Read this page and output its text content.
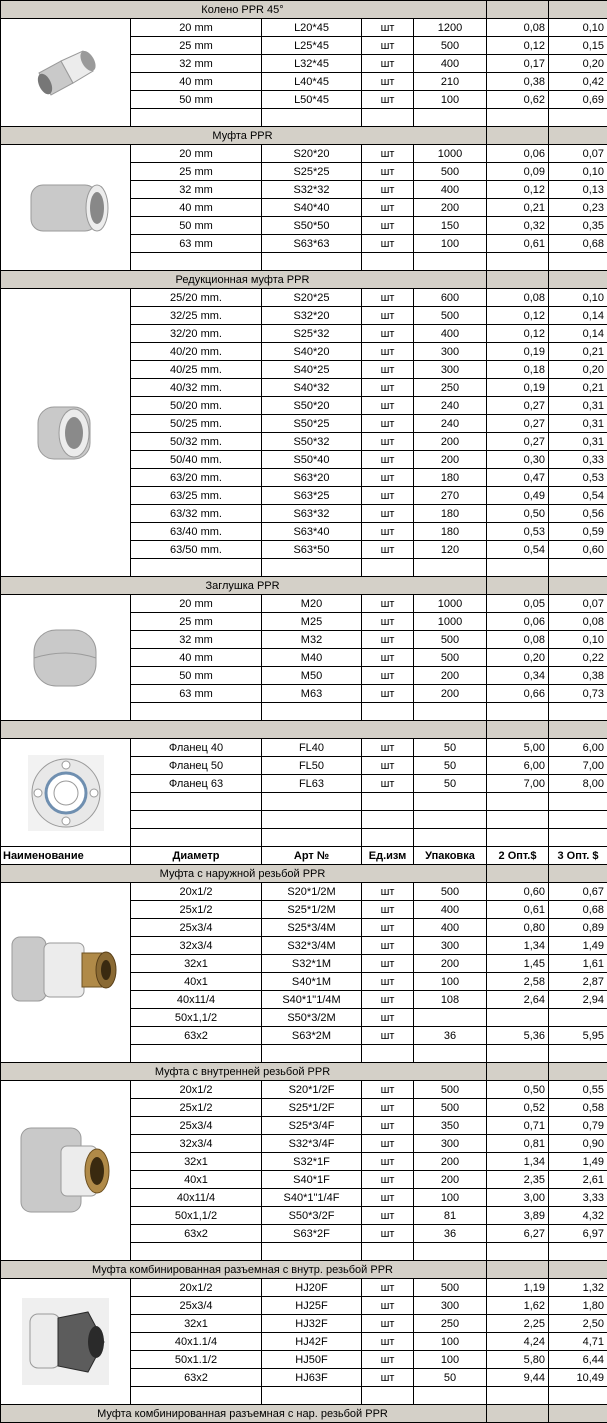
Колено PPR 45°						

	20 mm	L20*45	шт	1200	0,08	0,10
	25 mm	L25*45	шт	500	0,12	0,15
	32 mm	L32*45	шт	400	0,17	0,20
	40 mm	L40*45	шт	210	0,38	0,42
	50 mm	L50*45	шт	100	0,62	0,69

Муфта PPR						

	20 mm	S20*20	шт	1000	0,06	0,07
	25 mm	S25*25	шт	500	0,09	0,10
	32 mm	S32*32	шт	400	0,12	0,13
	40 mm	S40*40	шт	200	0,21	0,23
	50 mm	S50*50	шт	150	0,32	0,35
	63 mm	S63*63	шт	100	0,61	0,68

Редукционная муфта PPR						

	25/20 mm.	S20*25	шт	600	0,08	0,10
	32/25 mm.	S32*20	шт	500	0,12	0,14
	32/20 mm.	S25*32	шт	400	0,12	0,14
	40/20 mm.	S40*20	шт	300	0,19	0,21
	40/25 mm.	S40*25	шт	300	0,18	0,20
	40/32 mm.	S40*32	шт	250	0,19	0,21
	50/20 mm.	S50*20	шт	240	0,27	0,31
	50/25 mm.	S50*25	шт	240	0,27	0,31
	50/32 mm.	S50*32	шт	200	0,27	0,31
	50/40 mm.	S50*40	шт	200	0,30	0,33
	63/20 mm.	S63*20	шт	180	0,47	0,53
	63/25 mm.	S63*25	шт	270	0,49	0,54
	63/32 mm.	S63*32	шт	180	0,50	0,56
	63/40 mm.	S63*40	шт	180	0,53	0,59
	63/50 mm.	S63*50	шт	120	0,54	0,60

Заглушка PPR						

	20 mm	M20	шт	1000	0,05	0,07
	25 mm	M25	шт	1000	0,06	0,08
	32 mm	M32	шт	500	0,08	0,10
	40 mm	M40	шт	500	0,20	0,22
	50 mm	M50	шт	200	0,34	0,38
	63 mm	M63	шт	200	0,66	0,73

	Фланец 40	FL40	шт	50	5,00	6,00
	Фланец 50	FL50	шт	50	6,00	7,00
	Фланец 63	FL63	шт	50	7,00	8,00

Наименование	Диаметр	Арт №	Ед.изм	Упаковка	2 Опт.$	3 Опт. $
Муфта с наружной резьбой PPR						

	20x1/2	S20*1/2M	шт	500	0,60	0,67
	25x1/2	S25*1/2M	шт	400	0,61	0,68
	25x3/4	S25*3/4M	шт	400	0,80	0,89
	32x3/4	S32*3/4M	шт	300	1,34	1,49
	32x1	S32*1M	шт	200	1,45	1,61
	40x1	S40*1M	шт	100	2,58	2,87
	40x11/4	S40*1"1/4M	шт	108	2,64	2,94
	50x1,1/2	S50*3/2M	шт			
	63x2	S63*2M	шт	36	5,36	5,95

Муфта с внутренней резьбой PPR						

	20x1/2	S20*1/2F	шт	500	0,50	0,55
	25x1/2	S25*1/2F	шт	500	0,52	0,58
	25x3/4	S25*3/4F	шт	350	0,71	0,79
	32x3/4	S32*3/4F	шт	300	0,81	0,90
	32x1	S32*1F	шт	200	1,34	1,49
	40x1	S40*1F	шт	200	2,35	2,61
	40x11/4	S40*1"1/4F	шт	100	3,00	3,33
	50x1,1/2	S50*3/2F	шт	81	3,89	4,32
	63x2	S63*2F	шт	36	6,27	6,97

Муфта комбинированная разъемная с внутр. резьбой PPR						

	20x1/2	HJ20F	шт	500	1,19	1,32
	25x3/4	HJ25F	шт	300	1,62	1,80
	32x1	HJ32F	шт	250	2,25	2,50
	40x1.1/4	HJ42F	шт	100	4,24	4,71
	50x1.1/2	HJ50F	шт	100	5,80	6,44
	63x2	HJ63F	шт	50	9,44	10,49

Муфта комбинированная разъемная с нар. резьбой PPR						
